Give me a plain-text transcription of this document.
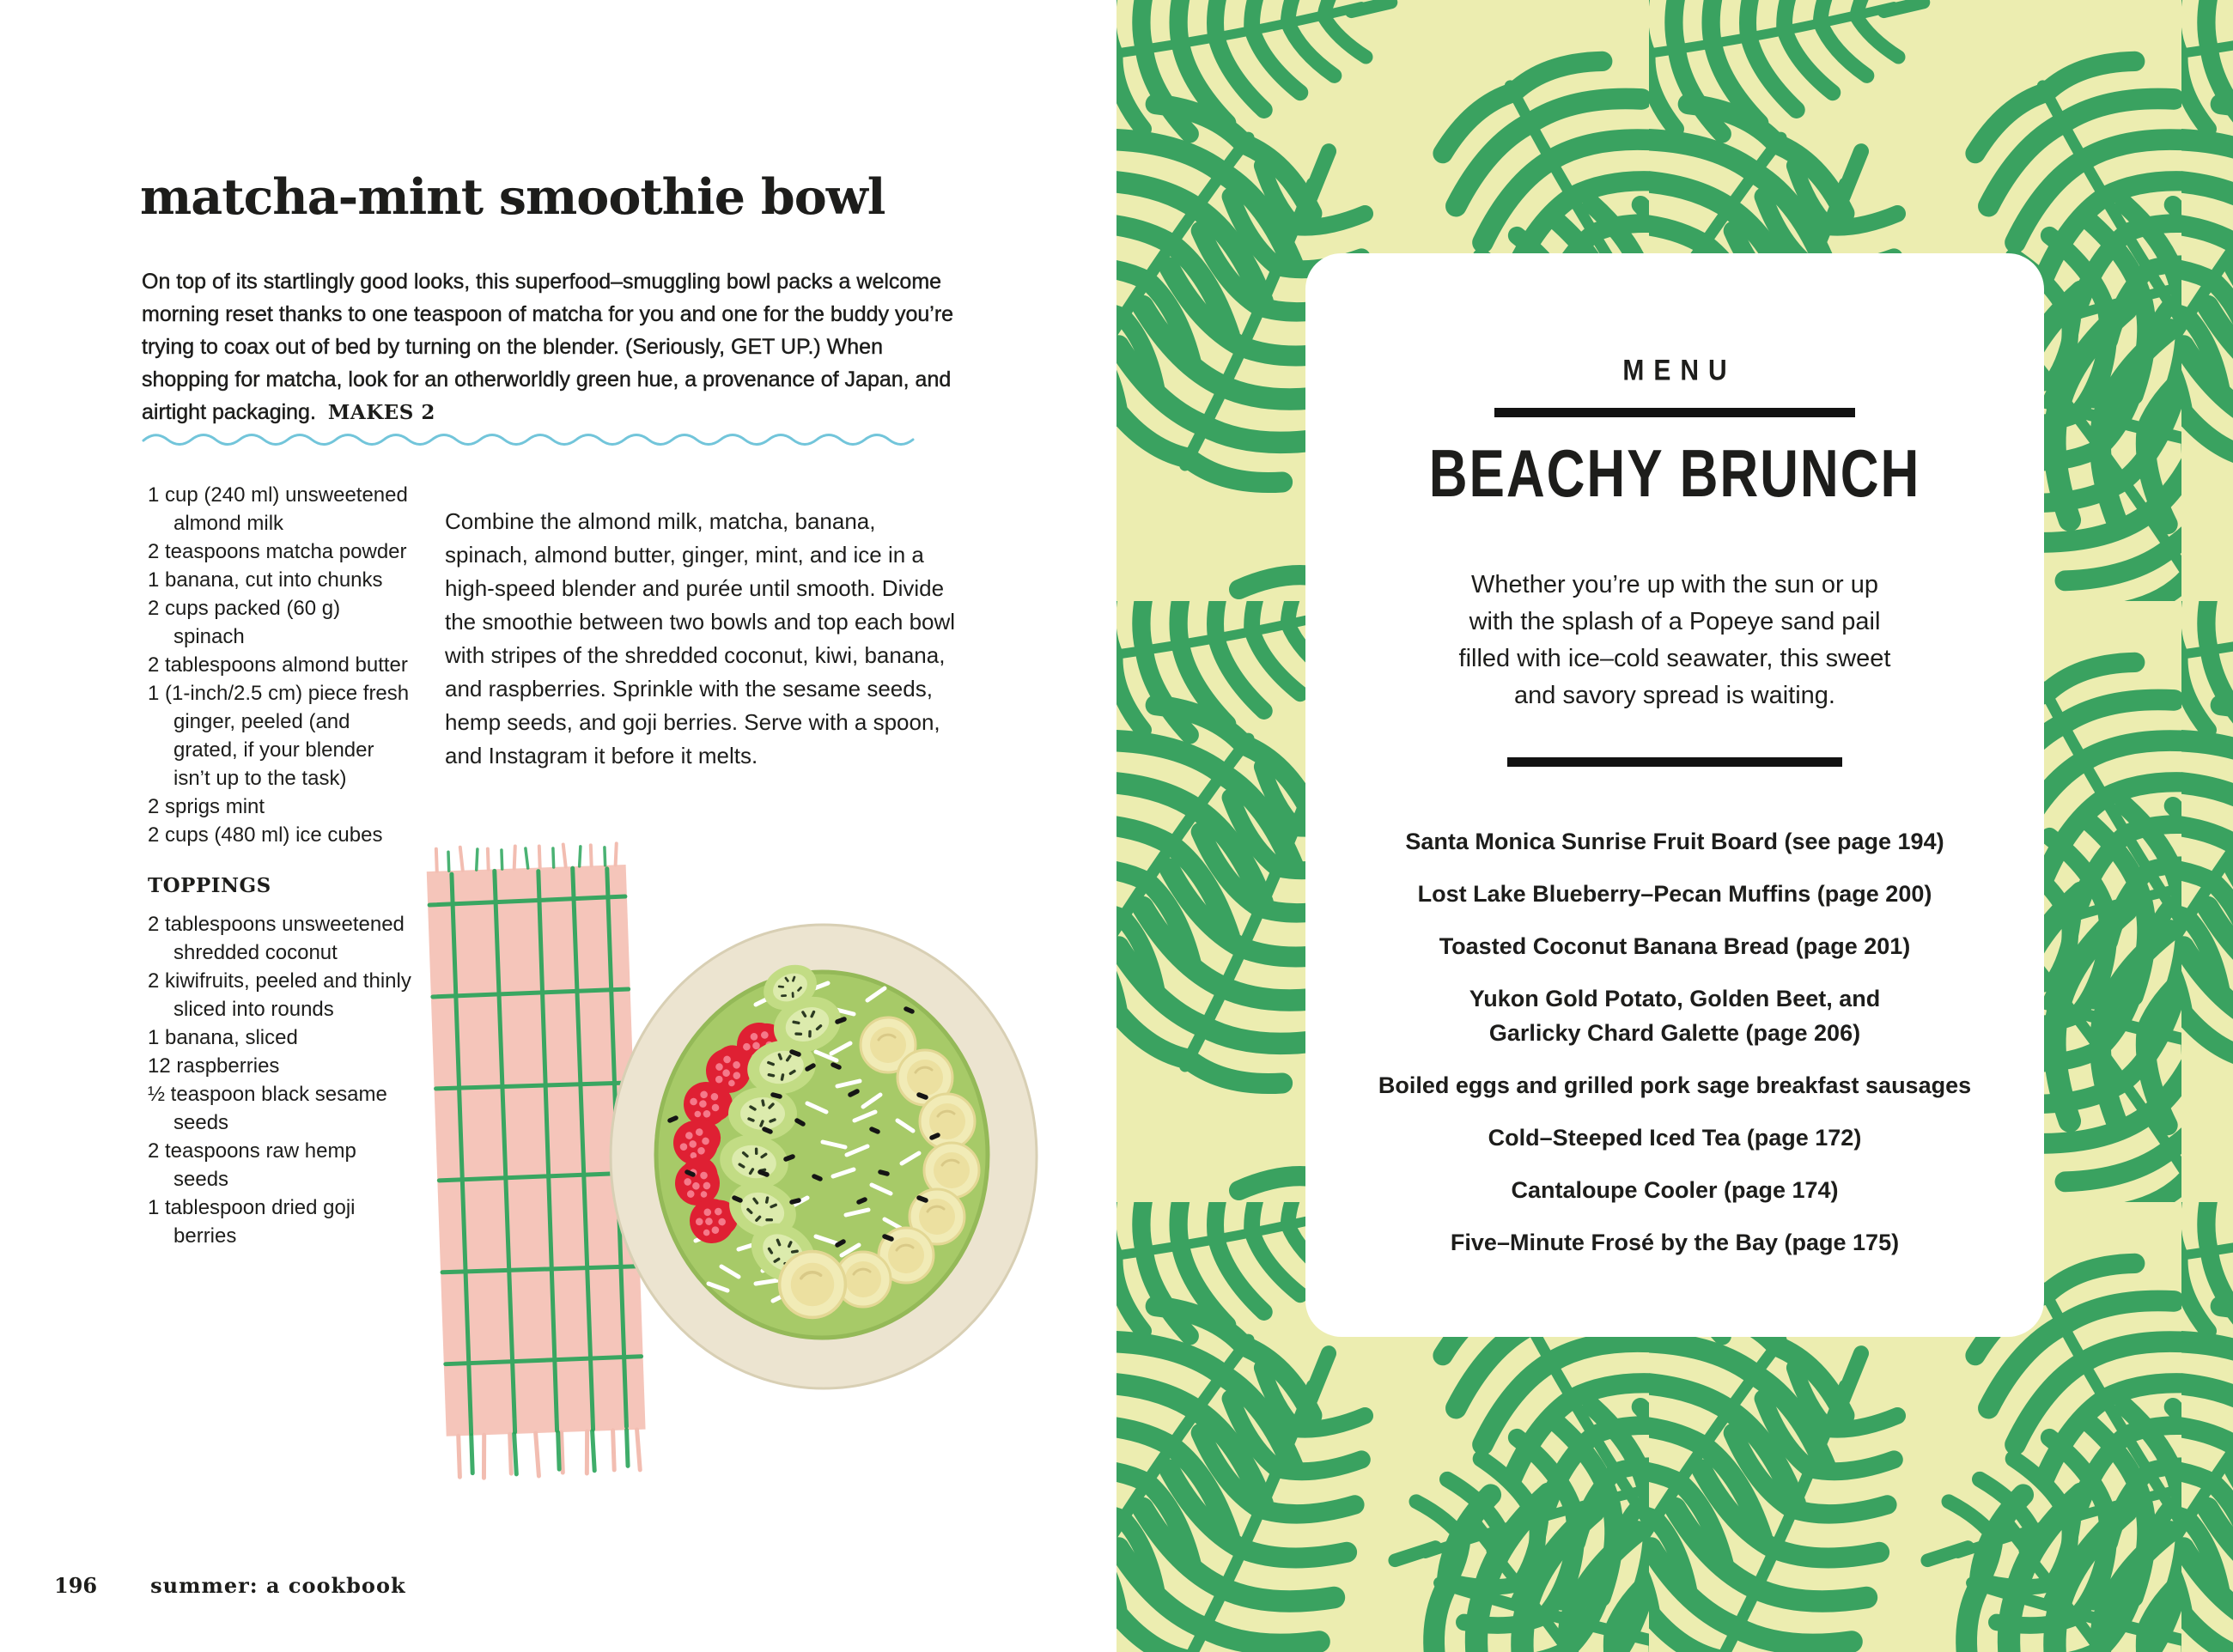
matcha-mint smoothie bowl

On top of its startlingly good looks, this superfood–smuggling bowl packs a welcome morning reset thanks to one teaspoon of matcha for you and one for the buddy you’re trying to coax out of bed by turning on the blender. (Seriously, GET UP.) When shopping for matcha, look for an otherworldly green hue, a provenance of Japan, and airtight packaging. MAKES 2

1 cup (240 ml) unsweetened almond milk
2 teaspoons matcha powder
1 banana, cut into chunks
2 cups packed (60 g) spinach
2 tablespoons almond butter
1 (1-inch/2.5 cm) piece fresh ginger, peeled (and grated, if your blender isn’t up to the task)
2 sprigs mint
2 cups (480 ml) ice cubes
TOPPINGS
2 tablespoons unsweetened shredded coconut
2 kiwifruits, peeled and thinly sliced into rounds
1 banana, sliced
12 raspberries
½ teaspoon black sesame seeds
2 teaspoons raw hemp seeds
1 tablespoon dried goji berries

Combine the almond milk, matcha, banana, spinach, almond butter, ginger, mint, and ice in a high-speed blender and purée until smooth. Divide the smoothie between two bowls and top each bowl with stripes of the shredded coconut, kiwi, banana, and raspberries. Sprinkle with the sesame seeds, hemp seeds, and goji berries. Serve with a spoon, and Instagram it before it melts.

196	summer: a cookbook
MENU
BEACHY BRUNCH
Whether you’re up with the sun or up
with the splash of a Popeye sand pail
filled with ice–cold seawater, this sweet
and savory spread is waiting.
Santa Monica Sunrise Fruit Board (see page 194)
Lost Lake Blueberry–Pecan Muffins (page 200)
Toasted Coconut Banana Bread (page 201)
Yukon Gold Potato, Golden Beet, and Garlicky Chard Galette (page 206)
Boiled eggs and grilled pork sage breakfast sausages
Cold–Steeped Iced Tea (page 172)
Cantaloupe Cooler (page 174)
Five–Minute Frosé by the Bay (page 175)
